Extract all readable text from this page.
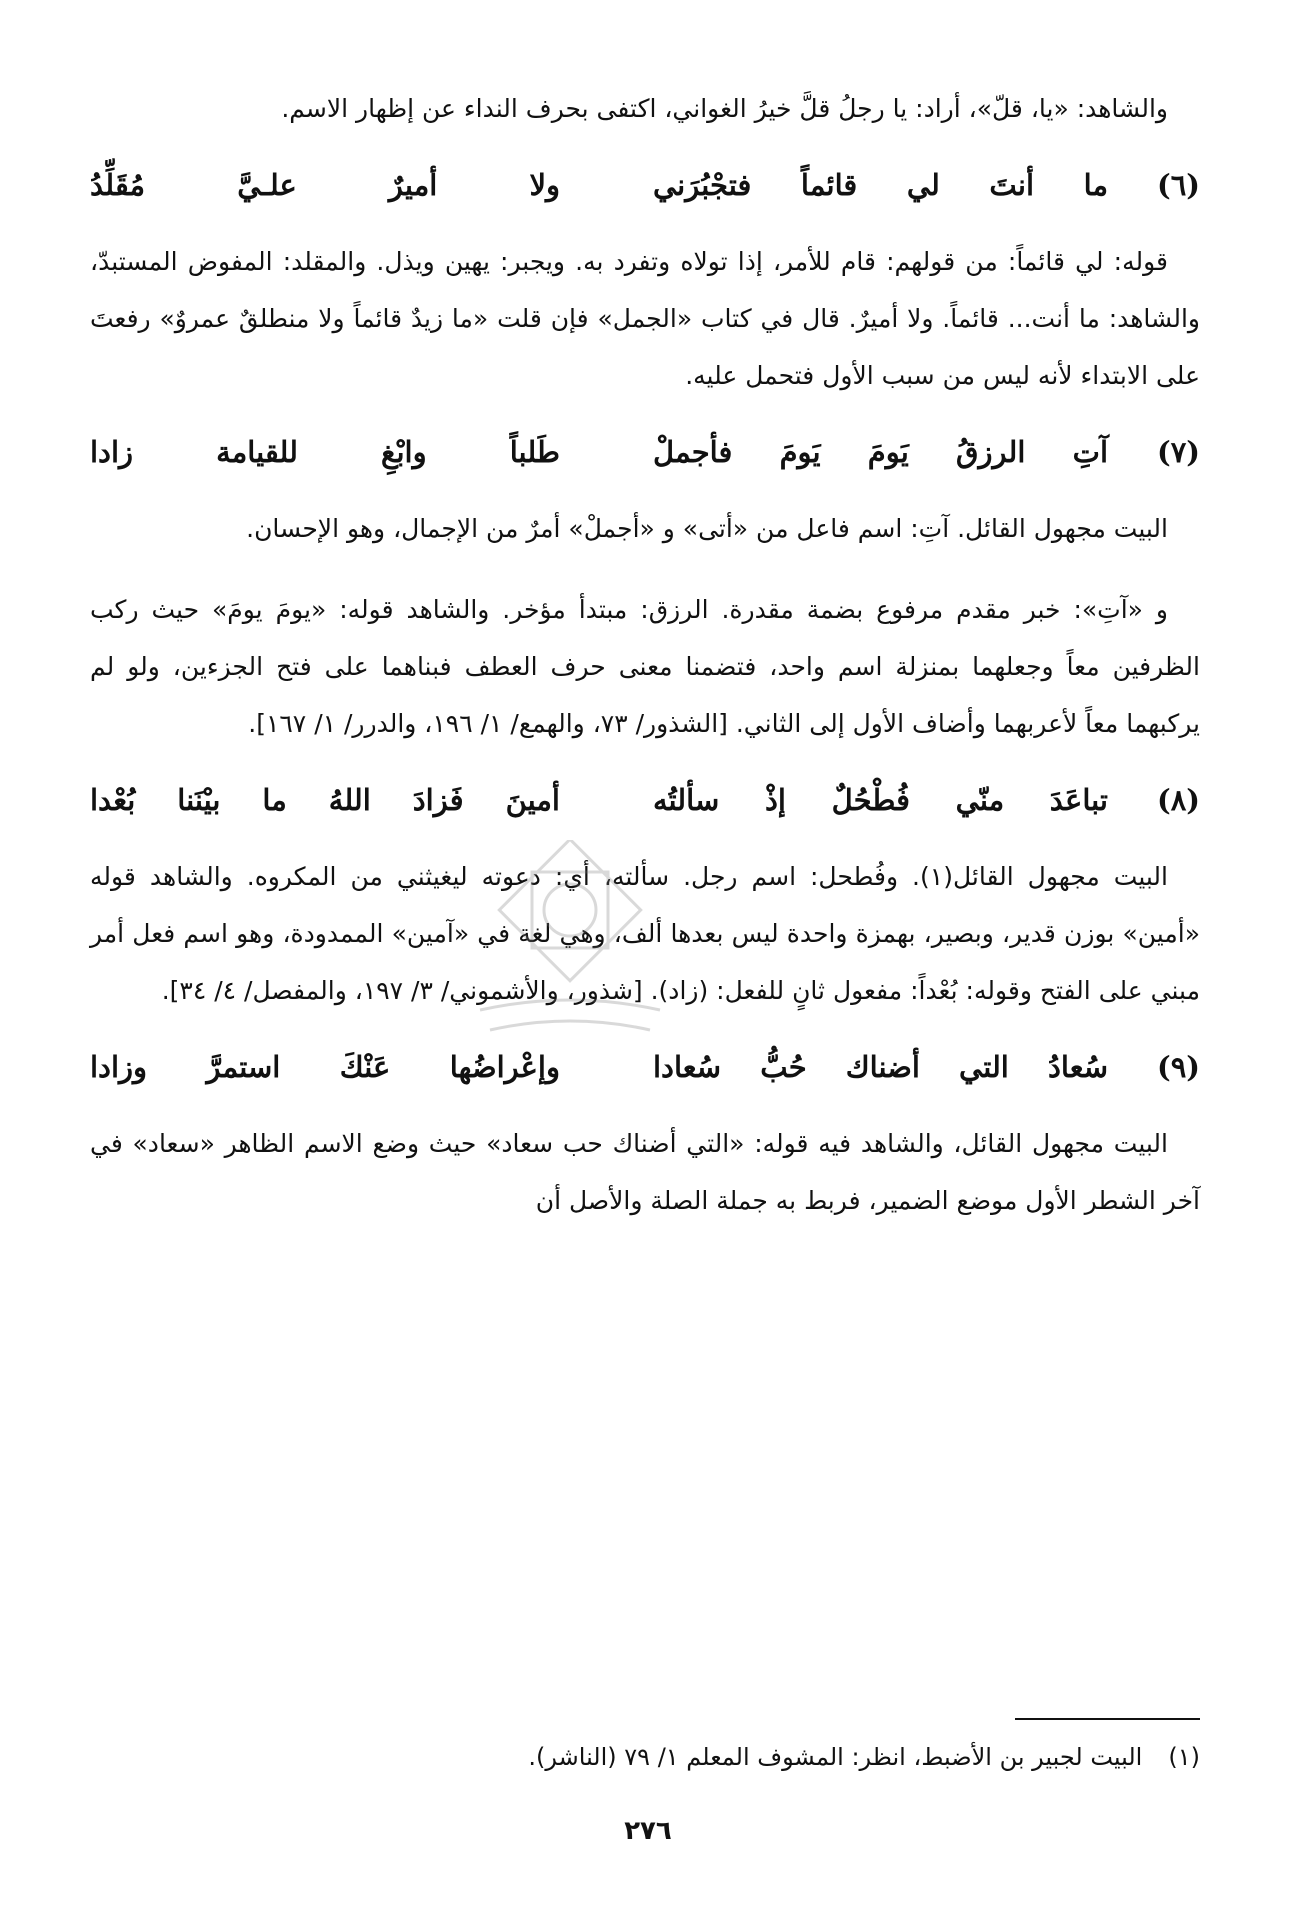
والشاهد: «يا، قلّ»، أراد: يا رجلُ قلَّ خيرُ الغواني، اكتفى بحرف النداء عن إظهار الاسم.

(٦)
ما أنتَ لي قائماً فتجْبُرَني
ولا أميرٌ علـيَّ مُقَلِّدُ

قوله: لي قائماً: من قولهم: قام للأمر، إذا تولاه وتفرد به. ويجبر: يهين ويذل. والمقلد: المفوض المستبدّ، والشاهد: ما أنت... قائماً. ولا أميرٌ. قال في كتاب «الجمل» فإن قلت «ما زيدٌ قائماً ولا منطلقٌ عمروٌ» رفعتَ على الابتداء لأنه ليس من سبب الأول فتحمل عليه.

(٧)
آتِ الرزقُ يَومَ يَومَ فأجملْ
طَلباً وابْغِ للقيامة زادا

البيت مجهول القائل. آتِ: اسم فاعل من «أتى» و «أجملْ» أمرٌ من الإجمال، وهو الإحسان.

و «آتِ»: خبر مقدم مرفوع بضمة مقدرة. الرزق: مبتدأ مؤخر. والشاهد قوله: «يومَ يومَ» حيث ركب الظرفين معاً وجعلهما بمنزلة اسم واحد، فتضمنا معنى حرف العطف فبناهما على فتح الجزءين، ولو لم يركبهما معاً لأعربهما وأضاف الأول إلى الثاني. [الشذور/ ٧٣، والهمع/ ١/ ١٩٦، والدرر/ ١/ ١٦٧].

(٨)
تباعَدَ منّي فُطْحُلٌ إذْ سألتُه
أمينَ فَزادَ اللهُ ما بيْنَنا بُعْدا

البيت مجهول القائل(١). وفُطحل: اسم رجل. سألته، أي: دعوته ليغيثني من المكروه. والشاهد قوله «أمين» بوزن قدير، وبصير، بهمزة واحدة ليس بعدها ألف، وهي لغة في «آمين» الممدودة، وهو اسم فعل أمر مبني على الفتح وقوله: بُعْداً: مفعول ثانٍ للفعل: (زاد). [شذور، والأشموني/ ٣/ ١٩٧، والمفصل/ ٤/ ٣٤].

(٩)
سُعادُ التي أضناك حُبُّ سُعادا
وإعْراضُها عَنْكَ استمرَّ وزادا

البيت مجهول القائل، والشاهد فيه قوله: «التي أضناك حب سعاد» حيث وضع الاسم الظاهر «سعاد» في آخر الشطر الأول موضع الضمير، فربط به جملة الصلة والأصل أن

(١)البيت لجبير بن الأضبط، انظر: المشوف المعلم ١/ ٧٩ (الناشر).
٢٧٦
